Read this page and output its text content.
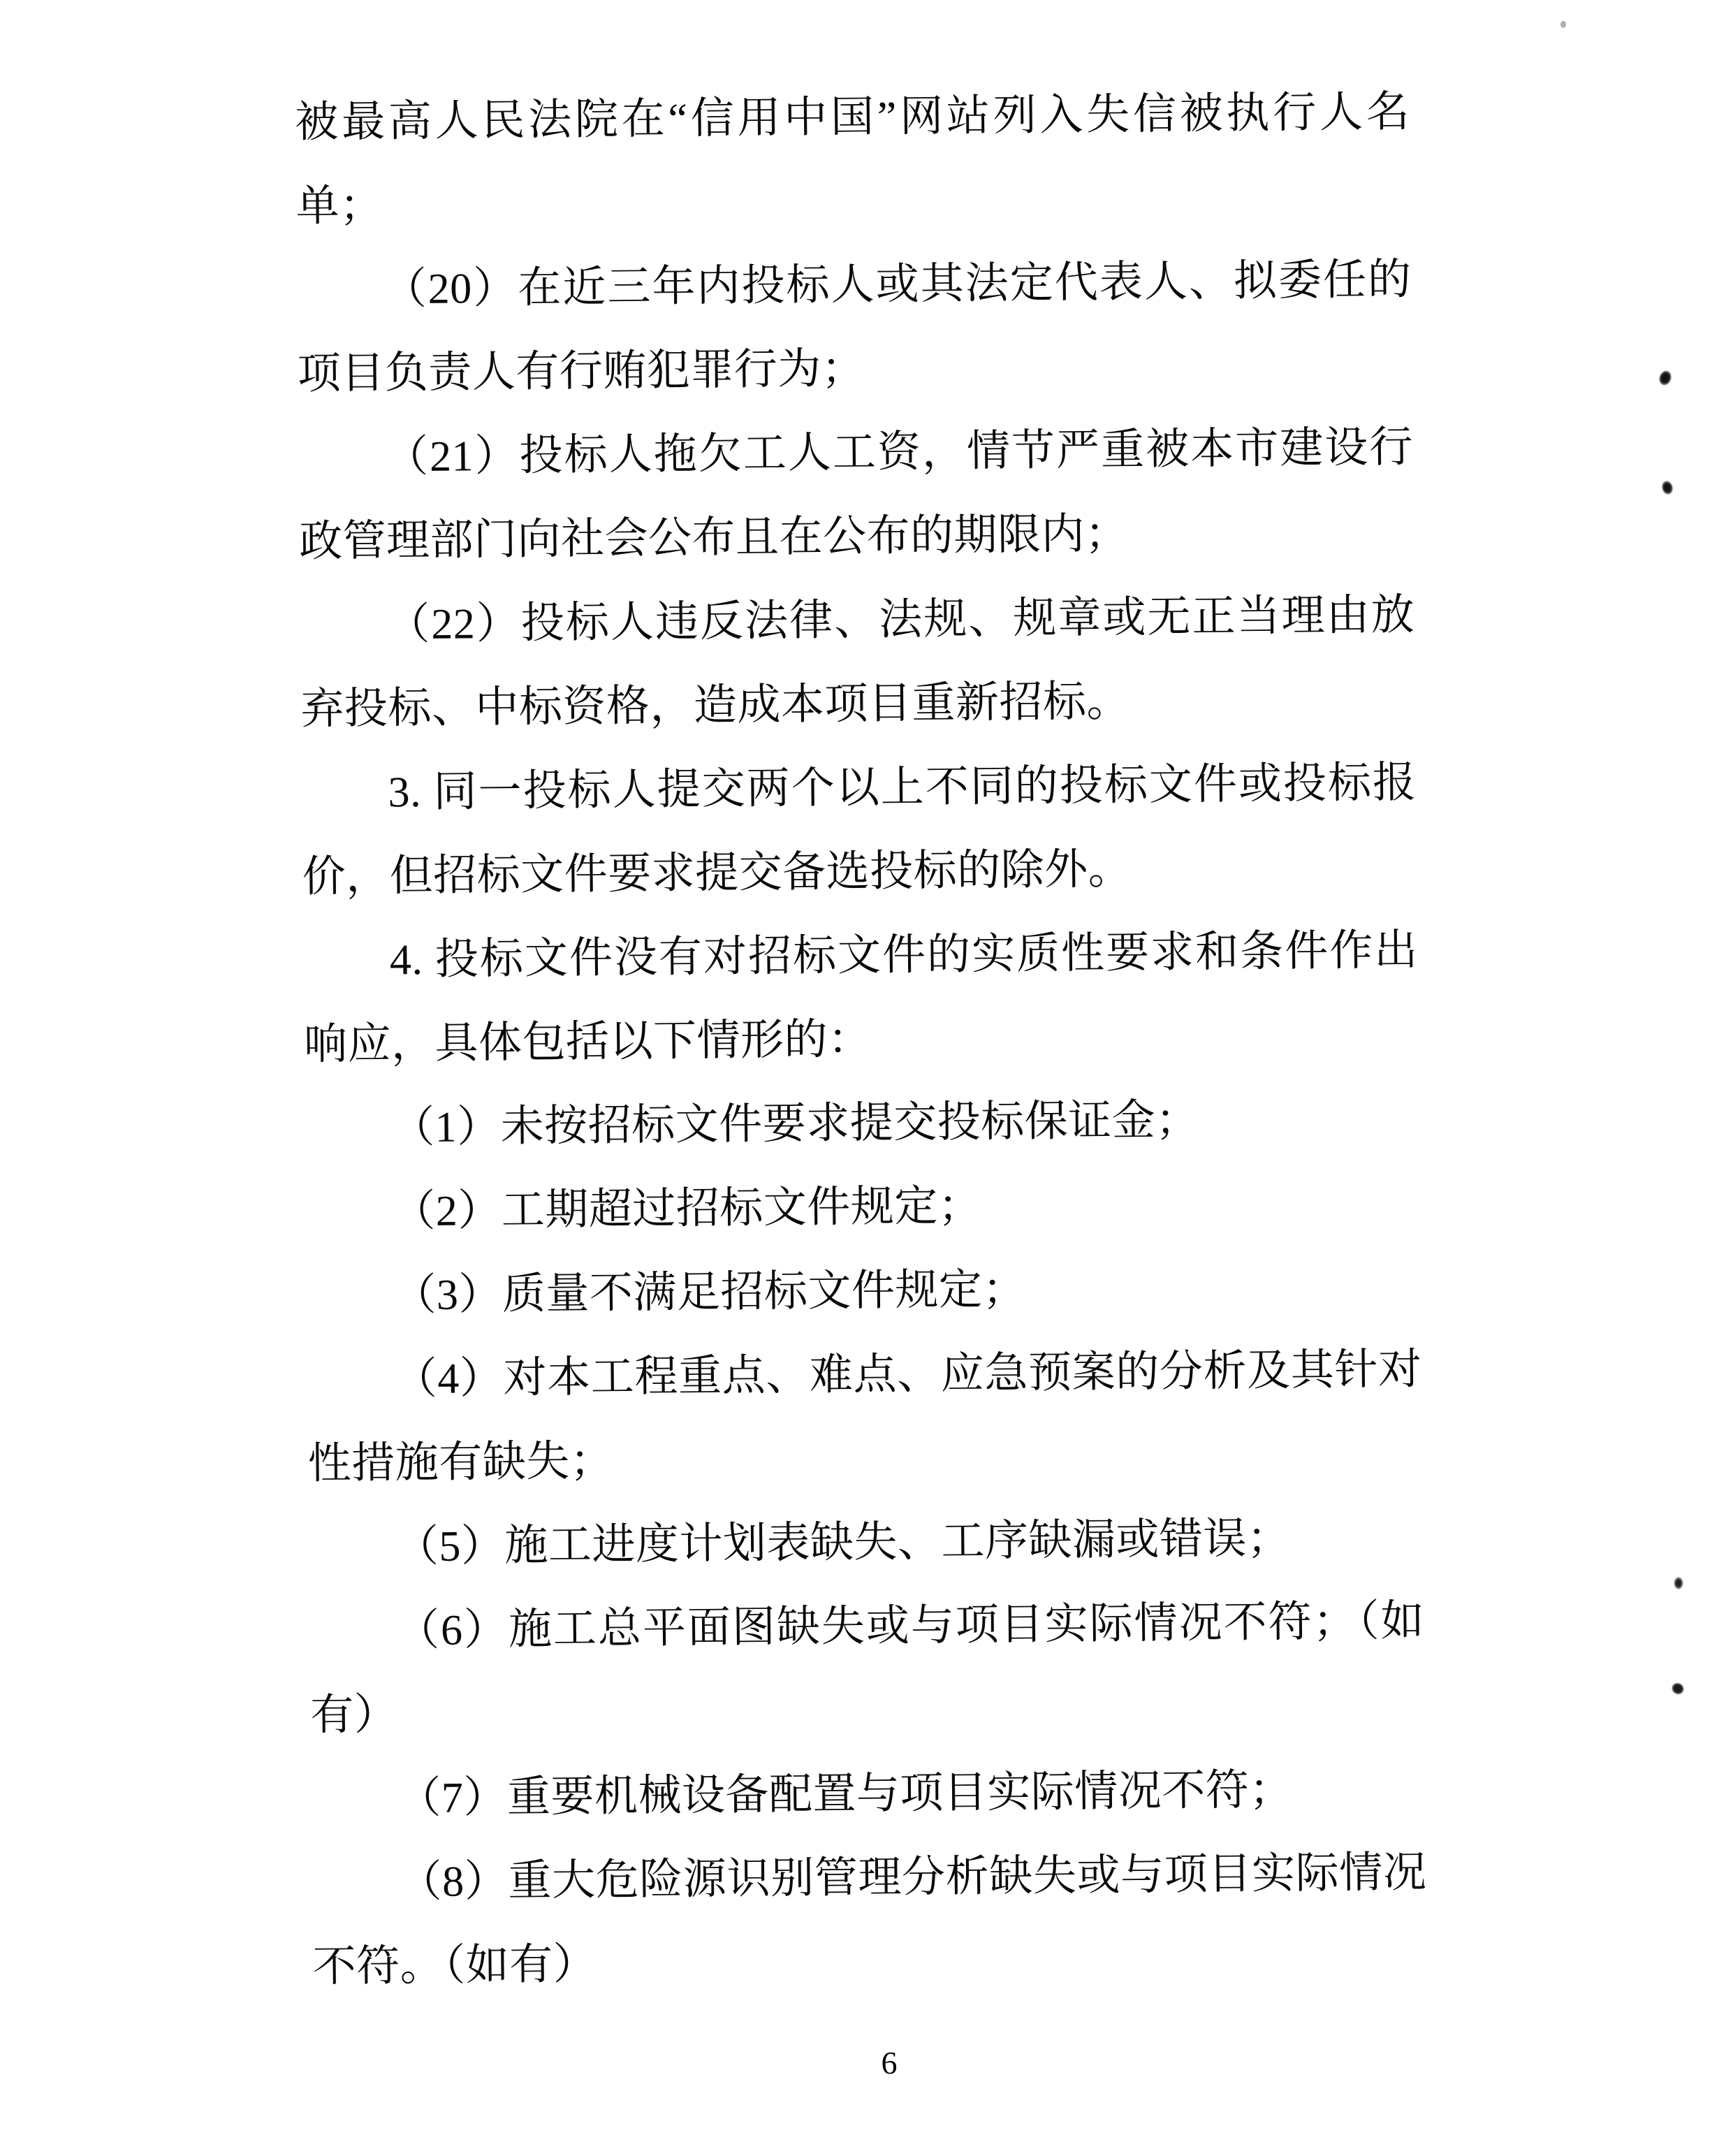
被最高人民法院在“信用中国”网站列入失信被执行人名
单；
（20）在近三年内投标人或其法定代表人、拟委任的
项目负责人有行贿犯罪行为；
（21）投标人拖欠工人工资，情节严重被本市建设行
政管理部门向社会公布且在公布的期限内；
（22）投标人违反法律、法规、规章或无正当理由放
弃投标、中标资格，造成本项目重新招标。
3. 同一投标人提交两个以上不同的投标文件或投标报
价，但招标文件要求提交备选投标的除外。
4. 投标文件没有对招标文件的实质性要求和条件作出
响应，具体包括以下情形的：
（1）未按招标文件要求提交投标保证金；
（2）工期超过招标文件规定；
（3）质量不满足招标文件规定；
（4）对本工程重点、难点、应急预案的分析及其针对
性措施有缺失；
（5）施工进度计划表缺失、工序缺漏或错误；
（6）施工总平面图缺失或与项目实际情况不符；（如
有）
（7）重要机械设备配置与项目实际情况不符；
（8）重大危险源识别管理分析缺失或与项目实际情况
不符。（如有）
6
